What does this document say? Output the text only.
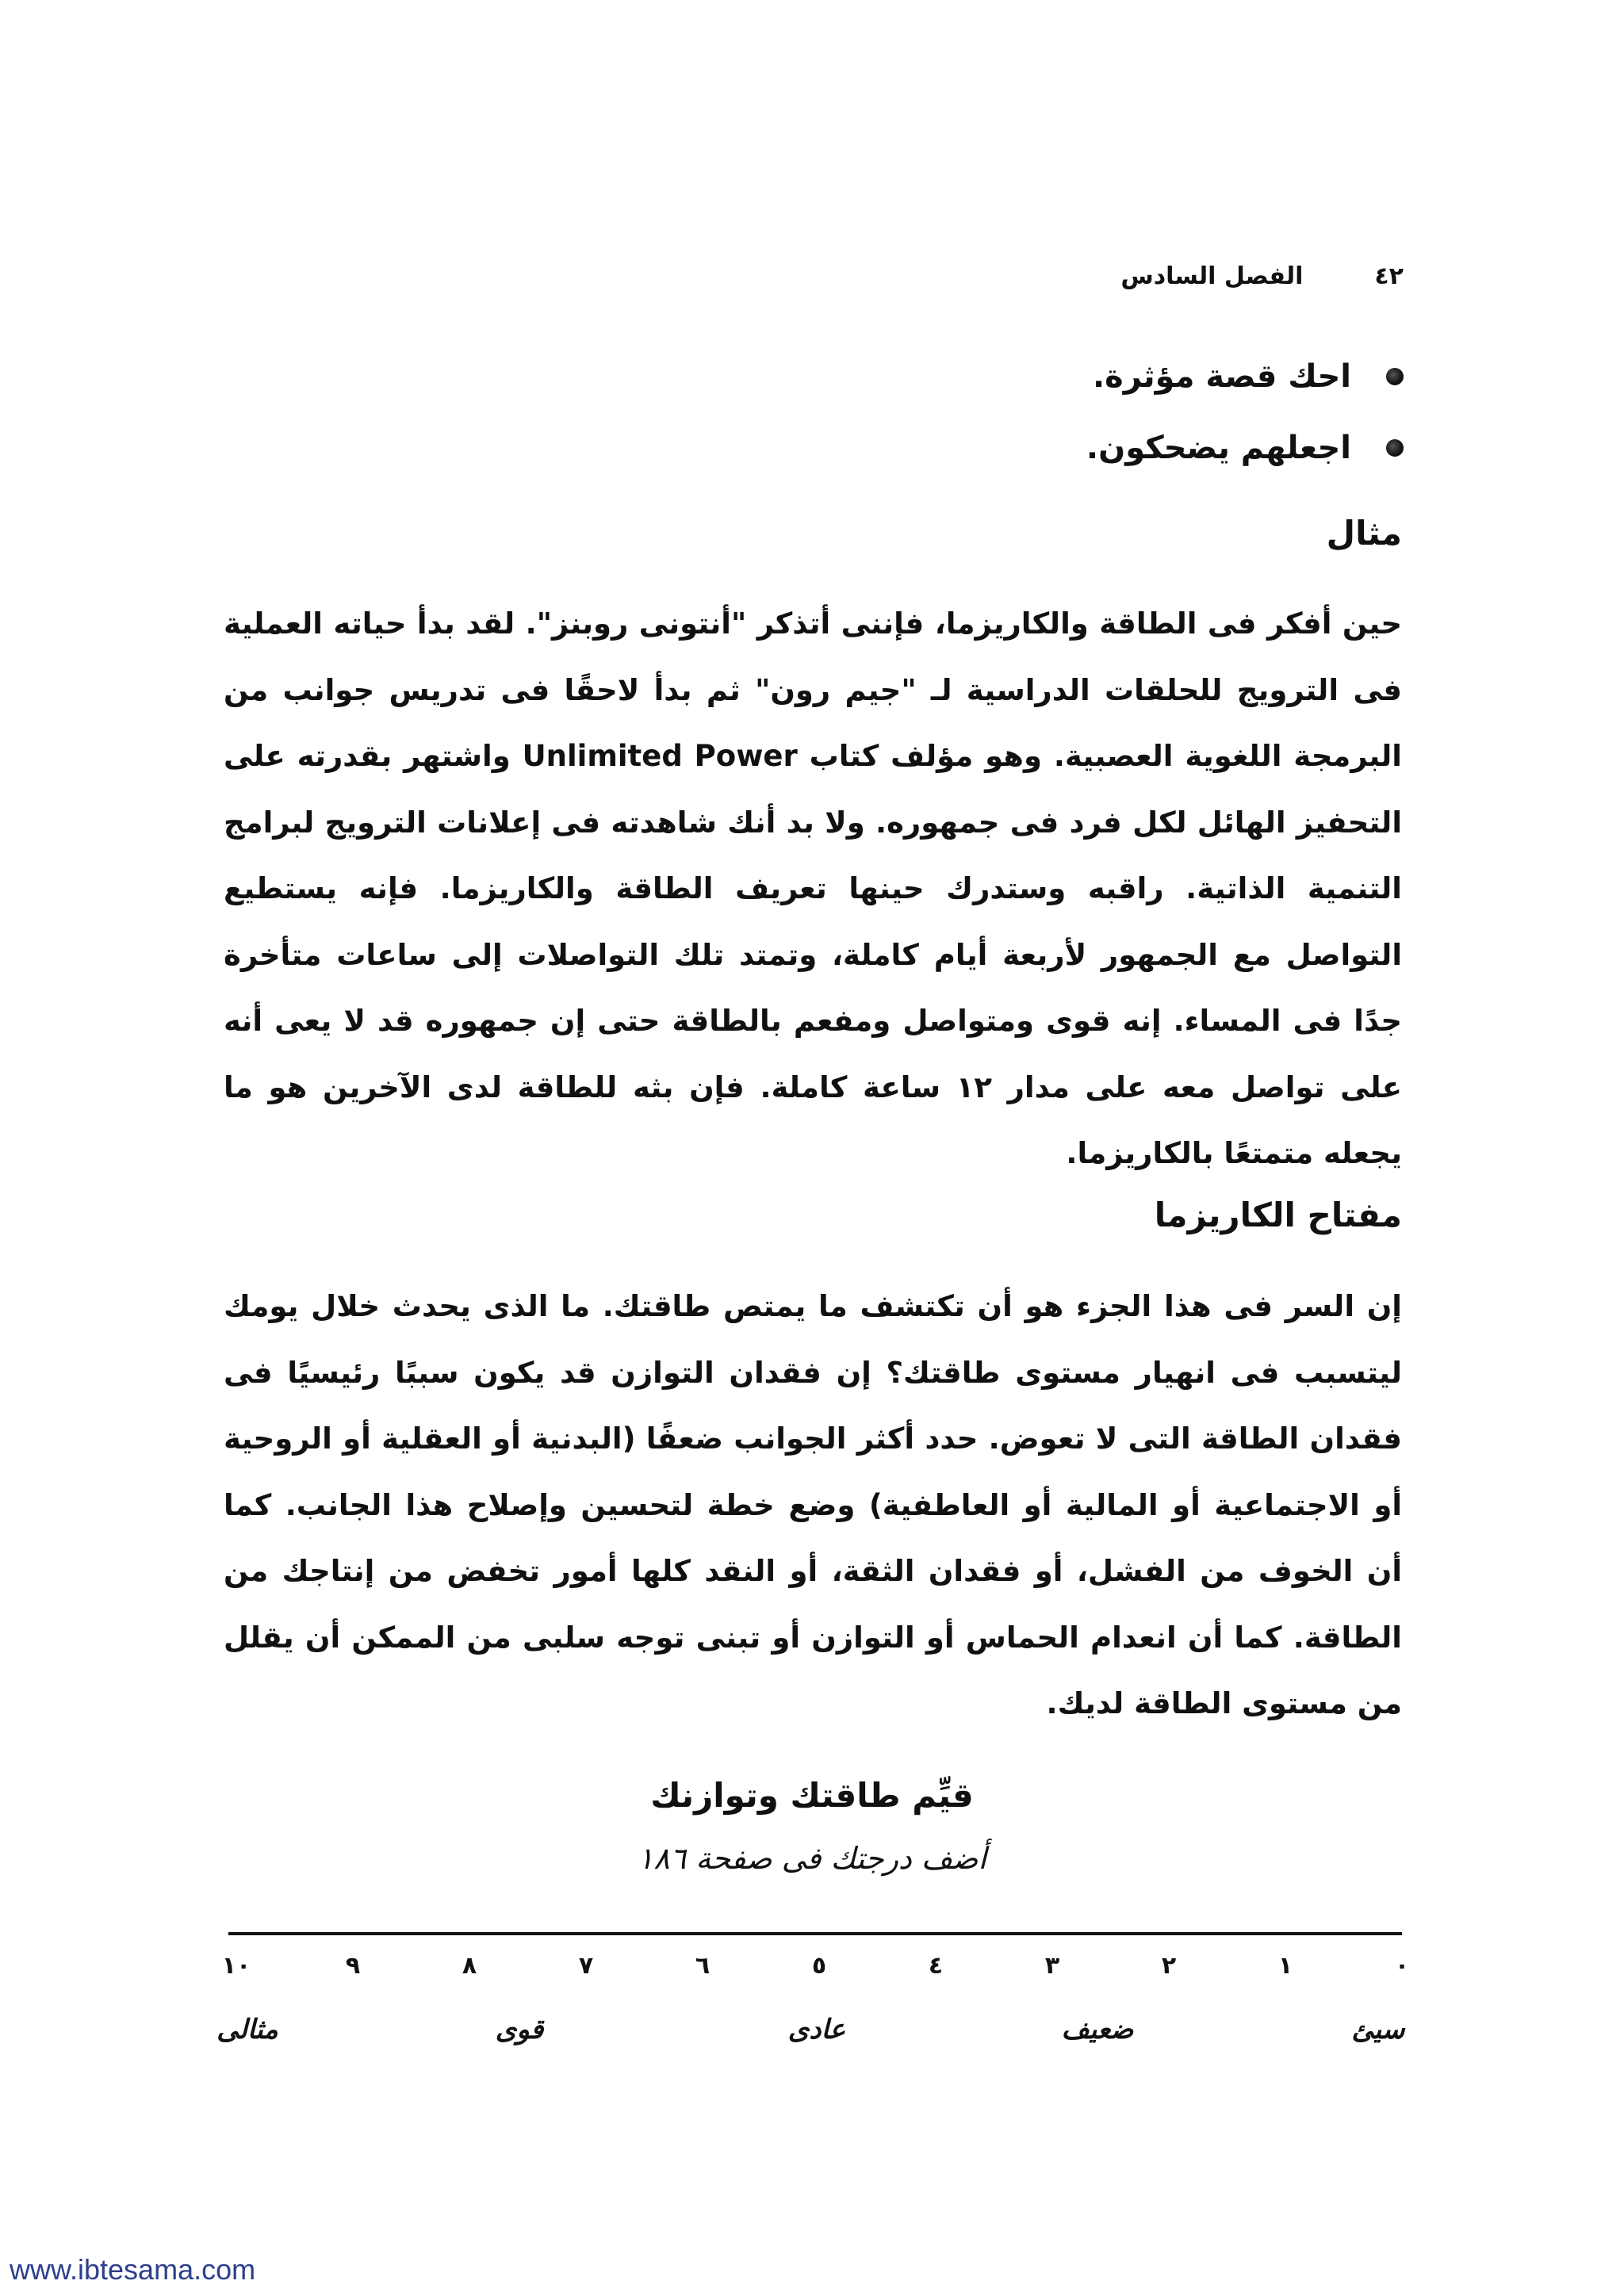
٤٢
الفصل السادس
احك قصة مؤثرة.
اجعلهم يضحكون.
مثال
حين أفكر فى الطاقة والكاريزما، فإننى أتذكر "أنتونى روبنز". لقد بدأ حياته العملية فى الترويج للحلقات الدراسية لـ "جيم رون" ثم بدأ لاحقًا فى تدريس جوانب من البرمجة اللغوية العصبية. وهو مؤلف كتاب Unlimited Power واشتهر بقدرته على التحفيز الهائل لكل فرد فى جمهوره. ولا بد أنك شاهدته فى إعلانات الترويج لبرامج التنمية الذاتية. راقبه وستدرك حينها تعريف الطاقة والكاريزما. فإنه يستطيع التواصل مع الجمهور لأربعة أيام كاملة، وتمتد تلك التواصلات إلى ساعات متأخرة جدًا فى المساء. إنه قوى ومتواصل ومفعم بالطاقة حتى إن جمهوره قد لا يعى أنه على تواصل معه على مدار ١٢ ساعة كاملة. فإن بثه للطاقة لدى الآخرين هو ما يجعله متمتعًا بالكاريزما.
مفتاح الكاريزما
إن السر فى هذا الجزء هو أن تكتشف ما يمتص طاقتك. ما الذى يحدث خلال يومك ليتسبب فى انهيار مستوى طاقتك؟ إن فقدان التوازن قد يكون سببًا رئيسيًا فى فقدان الطاقة التى لا تعوض. حدد أكثر الجوانب ضعفًا (البدنية أو العقلية أو الروحية أو الاجتماعية أو المالية أو العاطفية) وضع خطة لتحسين وإصلاح هذا الجانب. كما أن الخوف من الفشل، أو فقدان الثقة، أو النقد كلها أمور تخفض من إنتاجك من الطاقة. كما أن انعدام الحماس أو التوازن أو تبنى توجه سلبى من الممكن أن يقلل من مستوى الطاقة لديك.
قيِّم طاقتك وتوازنك
أضف درجتك فى صفحة ١٨٦
٠
١
٢
٣
٤
٥
٦
٧
٨
٩
١٠
سيئ
ضعيف
عادى
قوى
مثالى
www.ibtesama.com
